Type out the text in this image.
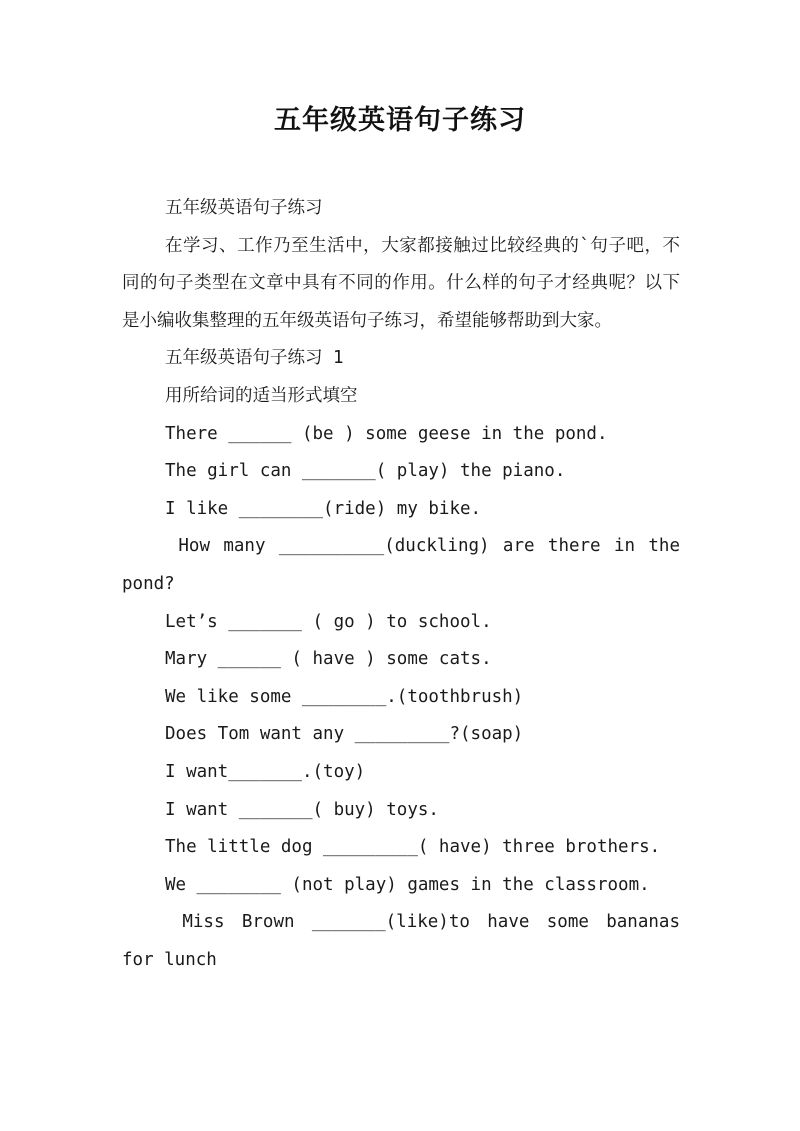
五年级英语句子练习

五年级英语句子练习

在学习、工作乃至生活中，大家都接触过比较经典的`句子吧，不同的句子类型在文章中具有不同的作用。什么样的句子才经典呢？以下是小编收集整理的五年级英语句子练习，希望能够帮助到大家。

五年级英语句子练习 1

用所给词的适当形式填空

There ______ (be ) some geese in the pond.

The girl can _______( play) the piano.

I like ________(ride) my bike.

How many __________(duckling) are there in the pond?

Let’s _______ ( go ) to school.

Mary ______ ( have ) some cats.

We like some ________.(toothbrush)

Does Tom want any _________?(soap)

I want_______.(toy)

I want _______( buy) toys.

The little dog _________( have) three brothers.

We ________ (not play) games in the classroom.

Miss Brown _______(like)to have some bananas for lunch
